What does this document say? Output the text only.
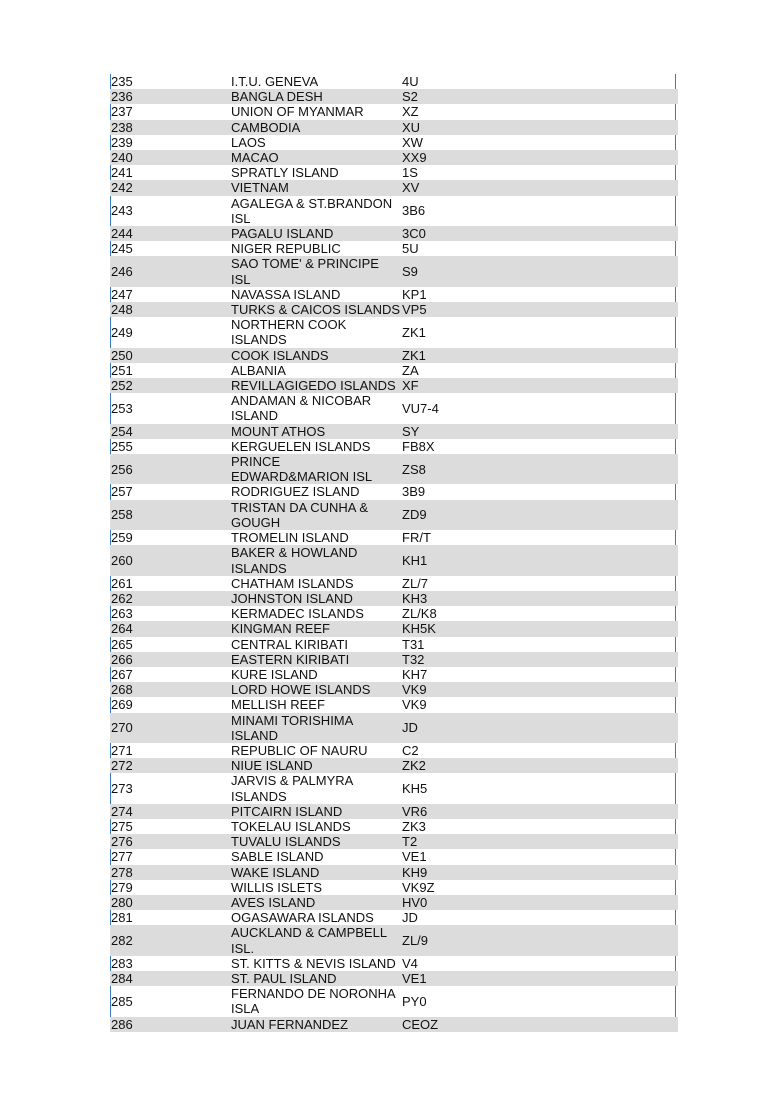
235	I.T.U. GENEVA	4U
236	BANGLA DESH	S2
237	UNION OF MYANMAR	XZ
238	CAMBODIA	XU
239	LAOS	XW
240	MACAO	XX9
241	SPRATLY ISLAND	1S
242	VIETNAM	XV
243	AGALEGA & ST.BRANDON
ISL	3B6
244	PAGALU ISLAND	3C0
245	NIGER REPUBLIC	5U
246	SAO TOME' & PRINCIPE
ISL	S9
247	NAVASSA ISLAND	KP1
248	TURKS & CAICOS ISLANDS	VP5
249	NORTHERN COOK
ISLANDS	ZK1
250	COOK ISLANDS	ZK1
251	ALBANIA	ZA
252	REVILLAGIGEDO ISLANDS	XF
253	ANDAMAN & NICOBAR
ISLAND	VU7-4
254	MOUNT ATHOS	SY
255	KERGUELEN ISLANDS	FB8X
256	PRINCE
EDWARD&MARION ISL	ZS8
257	RODRIGUEZ ISLAND	3B9
258	TRISTAN DA CUNHA &
GOUGH	ZD9
259	TROMELIN ISLAND	FR/T
260	BAKER & HOWLAND
ISLANDS	KH1
261	CHATHAM ISLANDS	ZL/7
262	JOHNSTON ISLAND	KH3
263	KERMADEC ISLANDS	ZL/K8
264	KINGMAN REEF	KH5K
265	CENTRAL KIRIBATI	T31
266	EASTERN KIRIBATI	T32
267	KURE ISLAND	KH7
268	LORD HOWE ISLANDS	VK9
269	MELLISH REEF	VK9
270	MINAMI TORISHIMA
ISLAND	JD
271	REPUBLIC OF NAURU	C2
272	NIUE ISLAND	ZK2
273	JARVIS & PALMYRA
ISLANDS	KH5
274	PITCAIRN ISLAND	VR6
275	TOKELAU ISLANDS	ZK3
276	TUVALU ISLANDS	T2
277	SABLE ISLAND	VE1
278	WAKE ISLAND	KH9
279	WILLIS ISLETS	VK9Z
280	AVES ISLAND	HV0
281	OGASAWARA ISLANDS	JD
282	AUCKLAND & CAMPBELL
ISL.	ZL/9
283	ST. KITTS & NEVIS ISLAND	V4
284	ST. PAUL ISLAND	VE1
285	FERNANDO DE NORONHA
ISLA	PY0
286	JUAN FERNANDEZ	CEOZ
